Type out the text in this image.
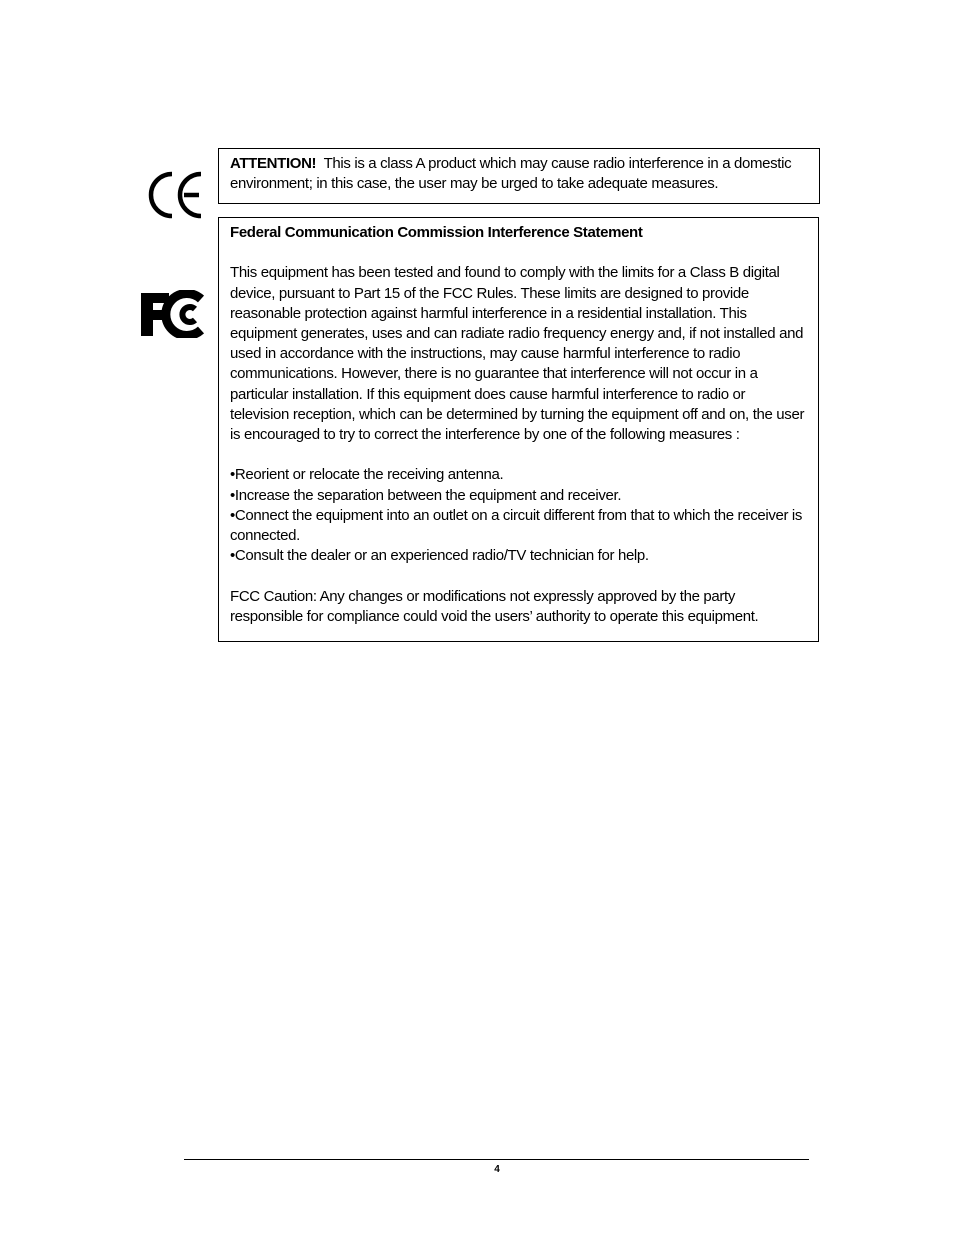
ATTENTION! This is a class A product which may cause radio interference in a domestic environment; in this case, the user may be urged to take adequate measures.

Federal Communication Commission Interference Statement

This equipment has been tested and found to comply with the limits for a Class B digital device, pursuant to Part 15 of the FCC Rules. These limits are designed to provide reasonable protection against harmful interference in a residential installation. This equipment generates, uses and can radiate radio frequency energy and, if not installed and used in accordance with the instructions, may cause harmful interference to radio communications. However, there is no guarantee that interference will not occur in a particular installation. If this equipment does cause harmful interference to radio or television reception, which can be determined by turning the equipment off and on, the user is encouraged to try to correct the interference by one of the following measures :

•Reorient or relocate the receiving antenna.

•Increase the separation between the equipment and receiver.

•Connect the equipment into an outlet on a circuit different from that to which the receiver is connected.

•Consult the dealer or an experienced radio/TV technician for help.

FCC Caution: Any changes or modifications not expressly approved by the party responsible for compliance could void the users’ authority to operate this equipment.

4
